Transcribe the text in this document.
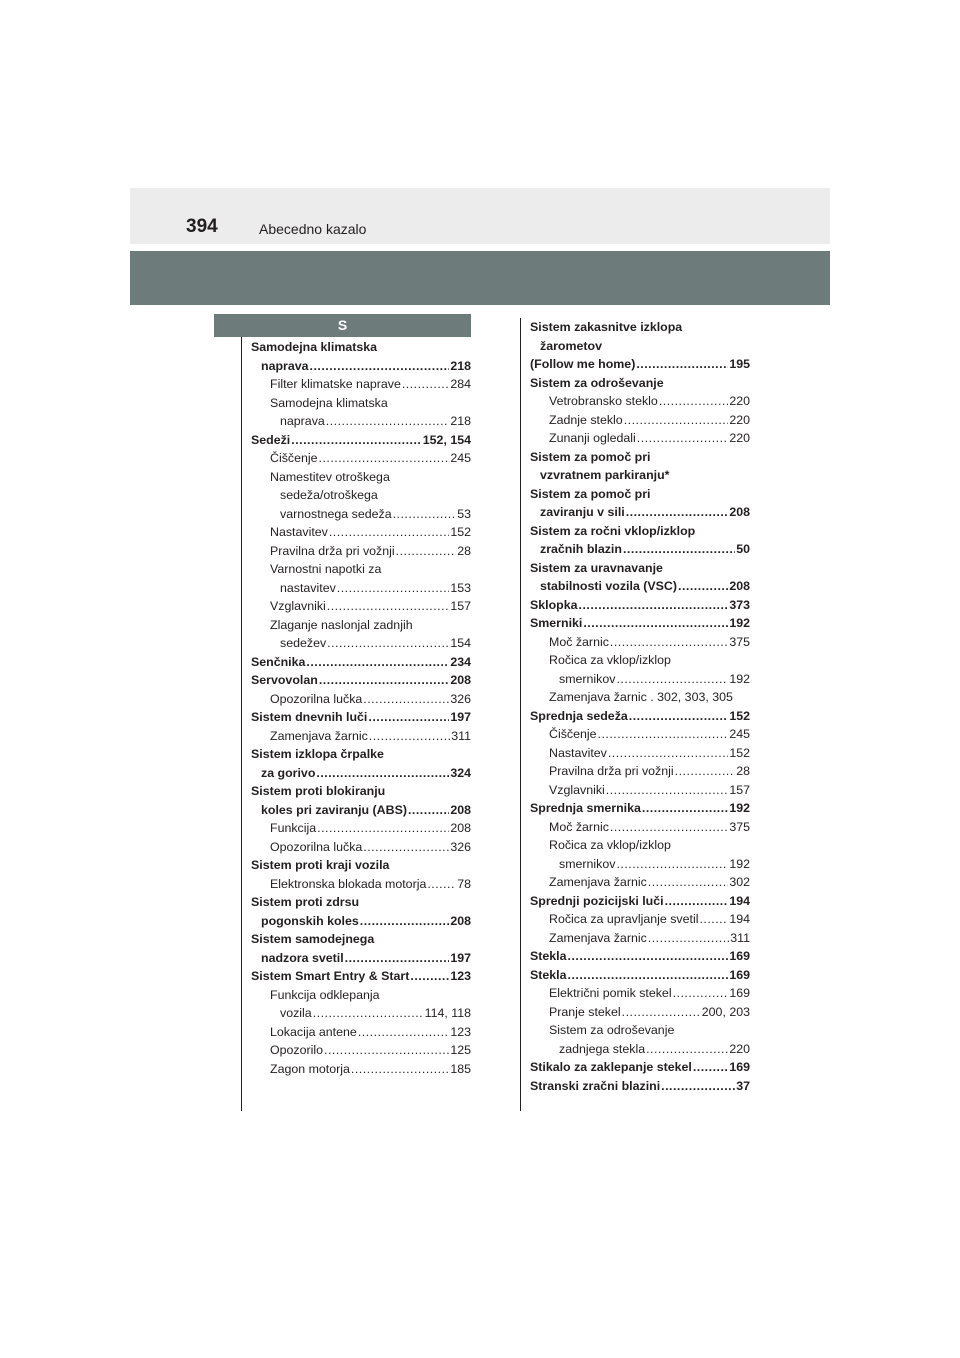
394	Abecedno kazalo
S
Samodejna klimatska
naprava .....	218
Filter klimatske naprave .....	284
Samodejna klimatska
naprava .....	218
Sedeži .....	152, 154
Čiščenje .....	245
Namestitev otroškega
sedeža/otroškega
varnostnega sedeža .....	53
Nastavitev .....	152
Pravilna drža pri vožnji .....	28
Varnostni napotki za
nastavitev .....	153
Vzglavniki .....	157
Zlaganje naslonjal zadnjih
sedežev .....	154
Senčnika .....	234
Servovolan .....	208
Opozorilna lučka .....	326
Sistem dnevnih luči .....	197
Zamenjava žarnic .....	311
Sistem izklopa črpalke
za gorivo .....	324
Sistem proti blokiranju
koles pri zaviranju (ABS) .....	208
Funkcija .....	208
Opozorilna lučka .....	326
Sistem proti kraji vozila
Elektronska blokada motorja ..... 78
Sistem proti zdrsu
pogonskih koles .....	208
Sistem samodejnega
nadzora svetil .....	197
Sistem Smart Entry & Start .....	123
Funkcija odklepanja
vozila .....	114, 118
Lokacija antene .....	123
Opozorilo .....	125
Zagon motorja .....	185
Sistem zakasnitve izklopa
žarometov
(Follow me home) .....	195
Sistem za odroševanje
Vetrobransko steklo .....	220
Zadnje steklo .....	220
Zunanji ogledali .....	220
Sistem za pomoč pri
vzvratnem parkiranju*
Sistem za pomoč pri
zaviranju v sili .....	208
Sistem za ročni vklop/izklop
zračnih blazin .....	50
Sistem za uravnavanje
stabilnosti vozila (VSC) .....	208
Sklopka .....	373
Smerniki .....	192
Moč žarnic .....	375
Ročica za vklop/izklop
smernikov .....	192
Zamenjava žarnic . 302, 303, 305
Sprednja sedeža .....	152
Čiščenje .....	245
Nastavitev .....	152
Pravilna drža pri vožnji .....	28
Vzglavniki .....	157
Sprednja smernika .....	192
Moč žarnic .....	375
Ročica za vklop/izklop
smernikov .....	192
Zamenjava žarnic .....	302
Sprednji pozicijski luči .....	194
Ročica za upravljanje svetil ..... 194
Zamenjava žarnic .....	311
Stekla .....	169
Stekla .....	169
Električni pomik stekel .....	169
Pranje stekel .....	200, 203
Sistem za odroševanje
zadnjega stekla .....	220
Stikalo za zaklepanje stekel .....	169
Stranski zračni blazini .....	37
